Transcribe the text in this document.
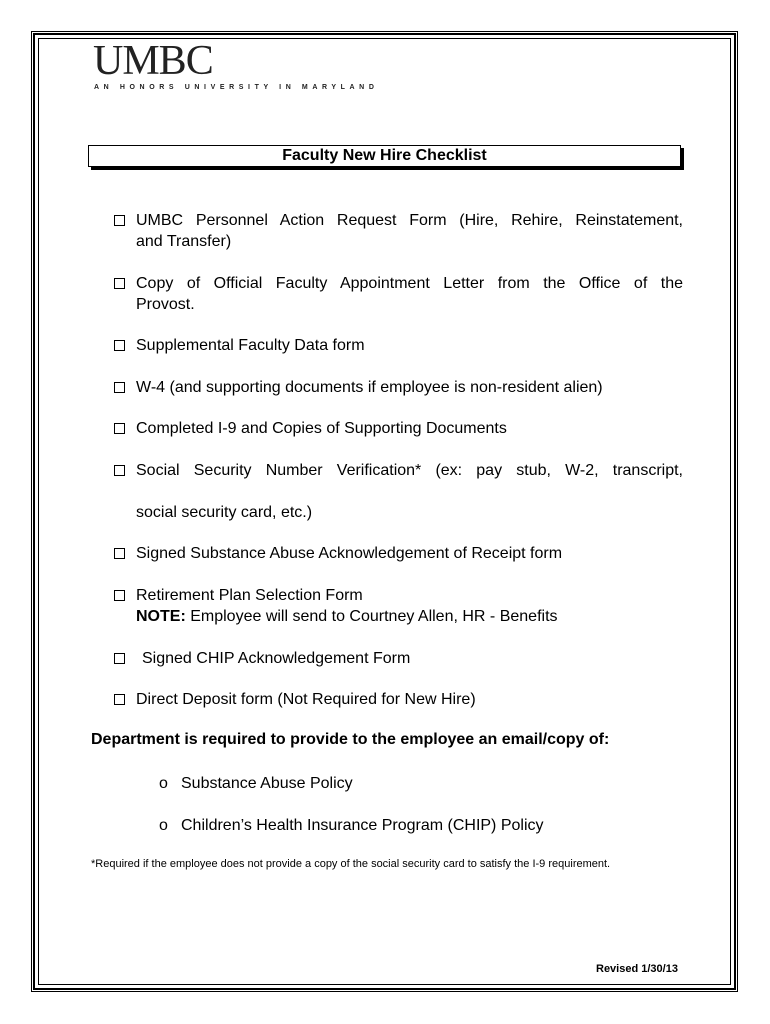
UMBC
AN HONORS UNIVERSITY IN MARYLAND
Faculty New Hire Checklist
UMBC Personnel Action Request Form (Hire, Rehire, Reinstatement,
and Transfer)
Copy of Official Faculty Appointment Letter from the Office of the
Provost.
Supplemental Faculty Data form
W-4 (and supporting documents if employee is non-resident alien)
Completed I-9 and Copies of Supporting Documents
Social Security Number Verification* (ex: pay stub, W-2, transcript,
social security card, etc.)
Signed Substance Abuse Acknowledgement of Receipt form
Retirement Plan Selection Form
NOTE: Employee will send to Courtney Allen, HR - Benefits
Signed CHIP Acknowledgement Form
Direct Deposit form (Not Required for New Hire)
Department is required to provide to the employee an email/copy of:
o Substance Abuse Policy
o Children’s Health Insurance Program (CHIP) Policy
*Required if the employee does not provide a copy of the social security card to satisfy the I-9 requirement.
Revised 1/30/13
